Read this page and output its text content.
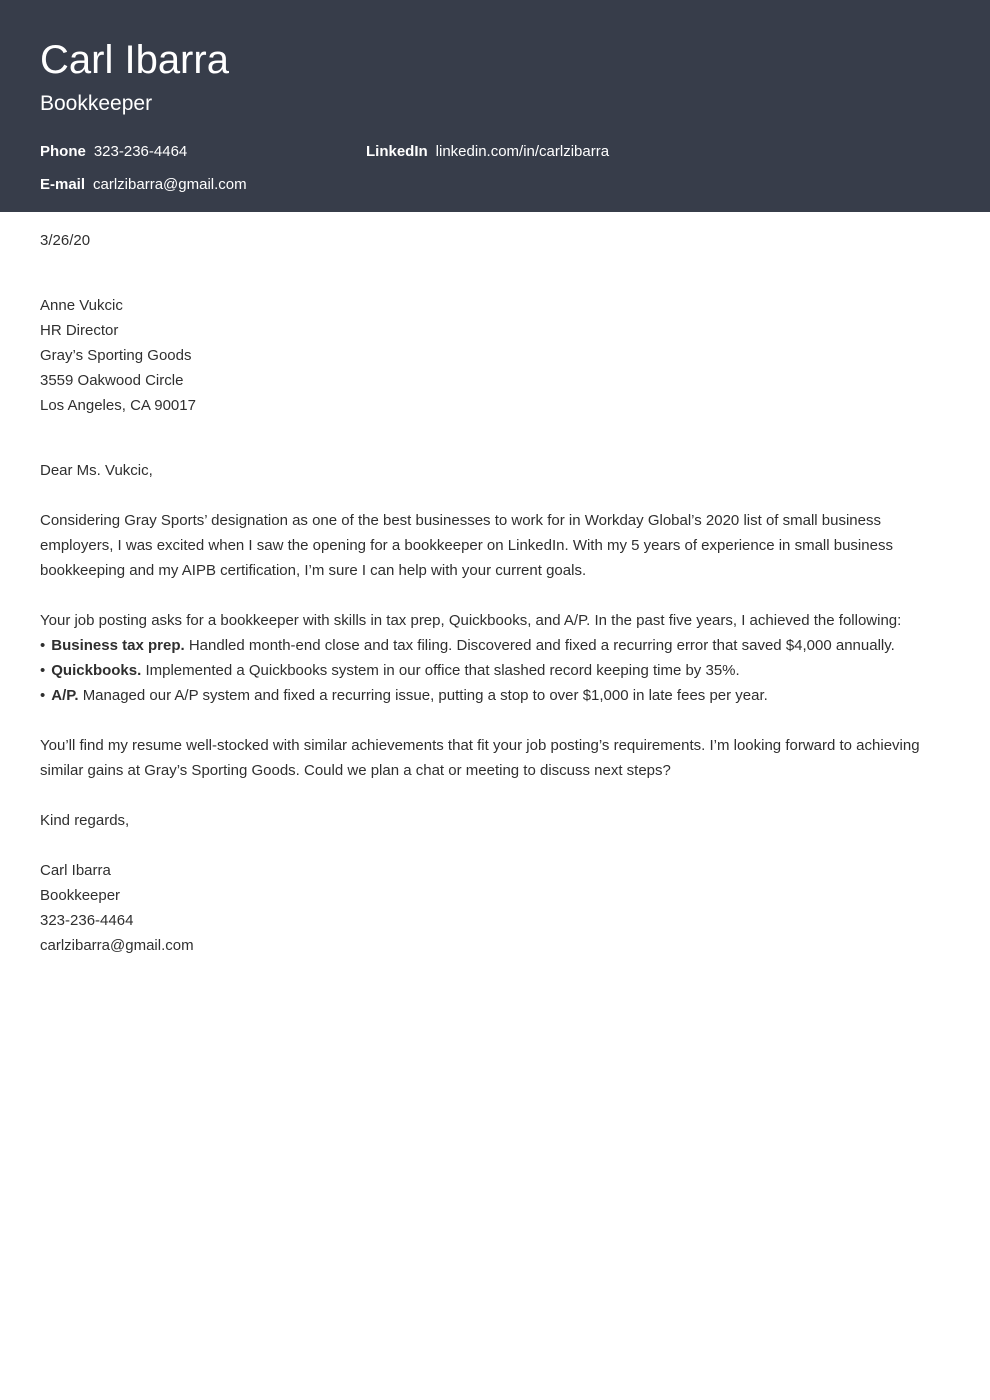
Carl Ibarra
Bookkeeper
Phone 323-236-4464	LinkedIn linkedin.com/in/carlzibarra
E-mail carlzibarra@gmail.com
3/26/20
Anne Vukcic
HR Director
Gray’s Sporting Goods
3559 Oakwood Circle
Los Angeles, CA 90017
Dear Ms. Vukcic,

Considering Gray Sports’ designation as one of the best businesses to work for in Workday Global’s 2020 list of small business employers, I was excited when I saw the opening for a bookkeeper on LinkedIn. With my 5 years of experience in small business bookkeeping and my AIPB certification, I’m sure I can help with your current goals.

Your job posting asks for a bookkeeper with skills in tax prep, Quickbooks, and A/P. In the past five years, I achieved the following:
• Business tax prep. Handled month-end close and tax filing. Discovered and fixed a recurring error that saved $4,000 annually.
• Quickbooks. Implemented a Quickbooks system in our office that slashed record keeping time by 35%.
• A/P. Managed our A/P system and fixed a recurring issue, putting a stop to over $1,000 in late fees per year.

You’ll find my resume well-stocked with similar achievements that fit your job posting’s requirements. I’m looking forward to achieving similar gains at Gray’s Sporting Goods. Could we plan a chat or meeting to discuss next steps?

Kind regards,
Carl Ibarra
Bookkeeper
323-236-4464
carlzibarra@gmail.com
